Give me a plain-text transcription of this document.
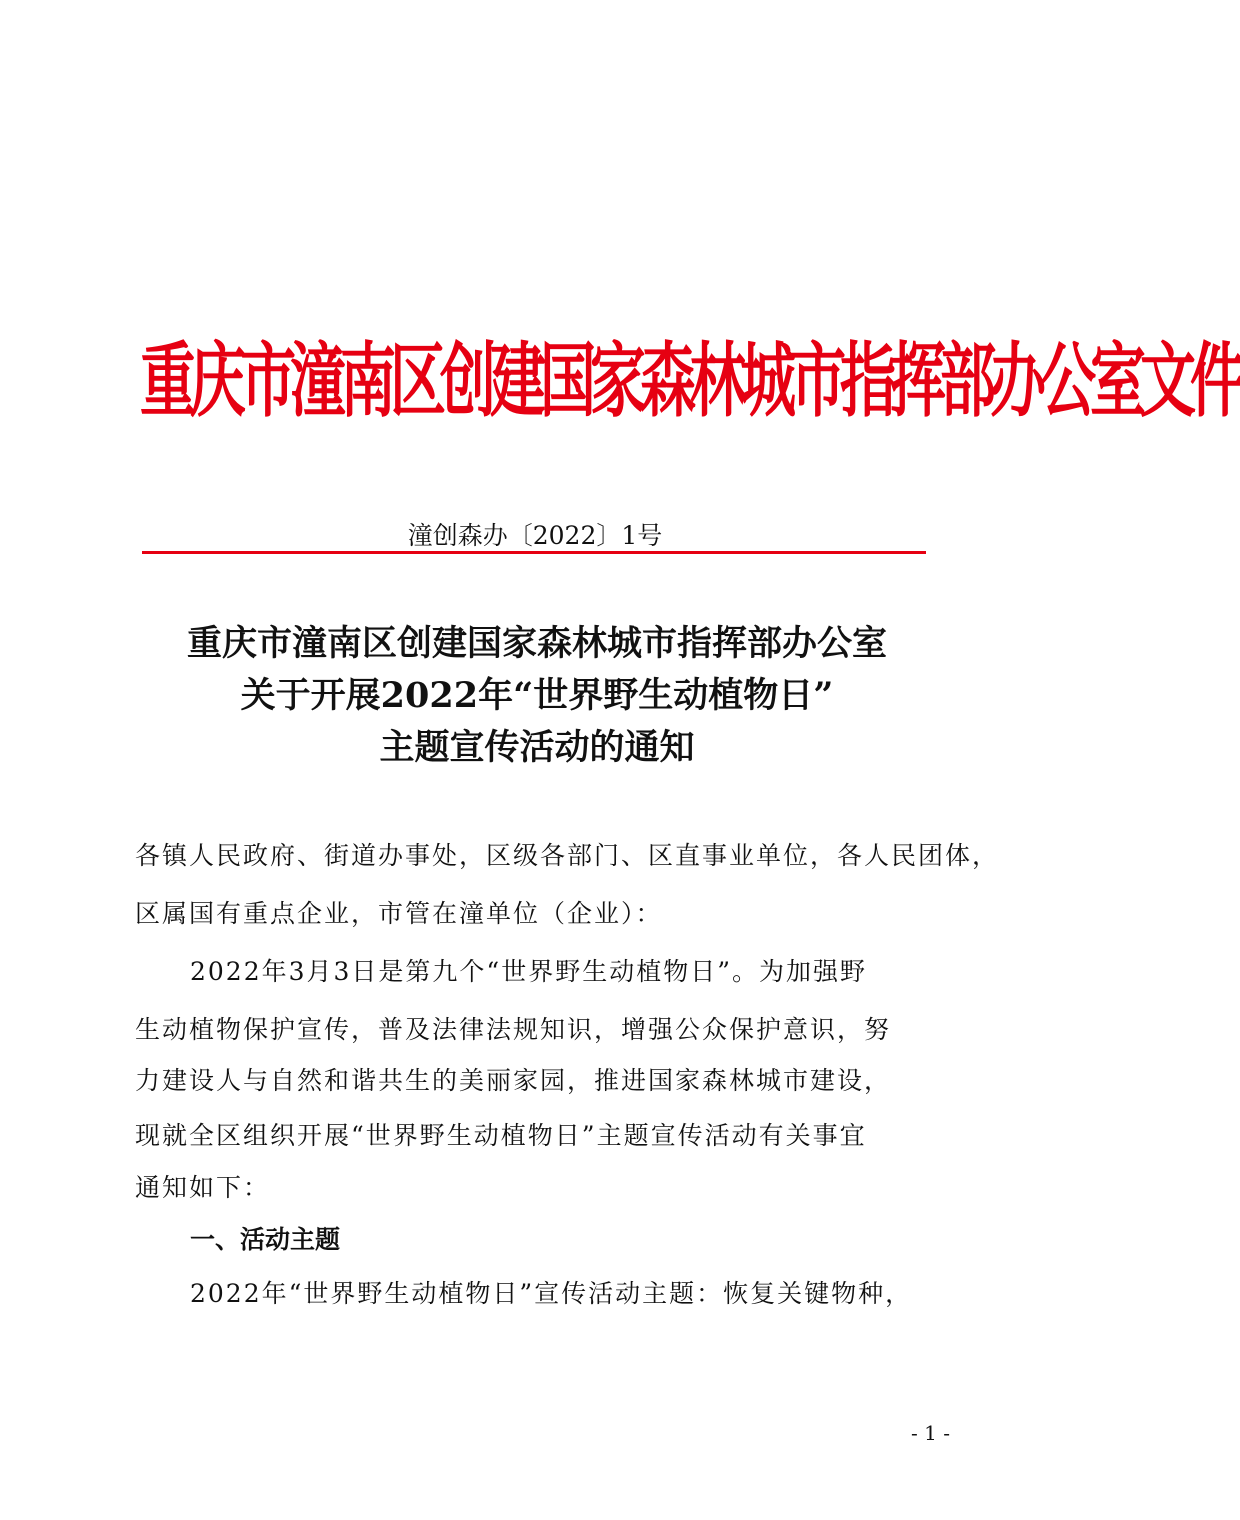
重庆市潼南区创建国家森林城市指挥部办公室文件
潼创森办〔2022〕1号
重庆市潼南区创建国家森林城市指挥部办公室
关于开展2022年“世界野生动植物日”
主题宣传活动的通知
各镇人民政府、街道办事处，区级各部门、区直事业单位，各人民团体，
区属国有重点企业，市管在潼单位（企业）：
2022年3月3日是第九个“世界野生动植物日”。为加强野
生动植物保护宣传，普及法律法规知识，增强公众保护意识，努
力建设人与自然和谐共生的美丽家园，推进国家森林城市建设，
现就全区组织开展“世界野生动植物日”主题宣传活动有关事宜
通知如下：
一、活动主题
2022年“世界野生动植物日”宣传活动主题：恢复关键物种，
- 1 -
